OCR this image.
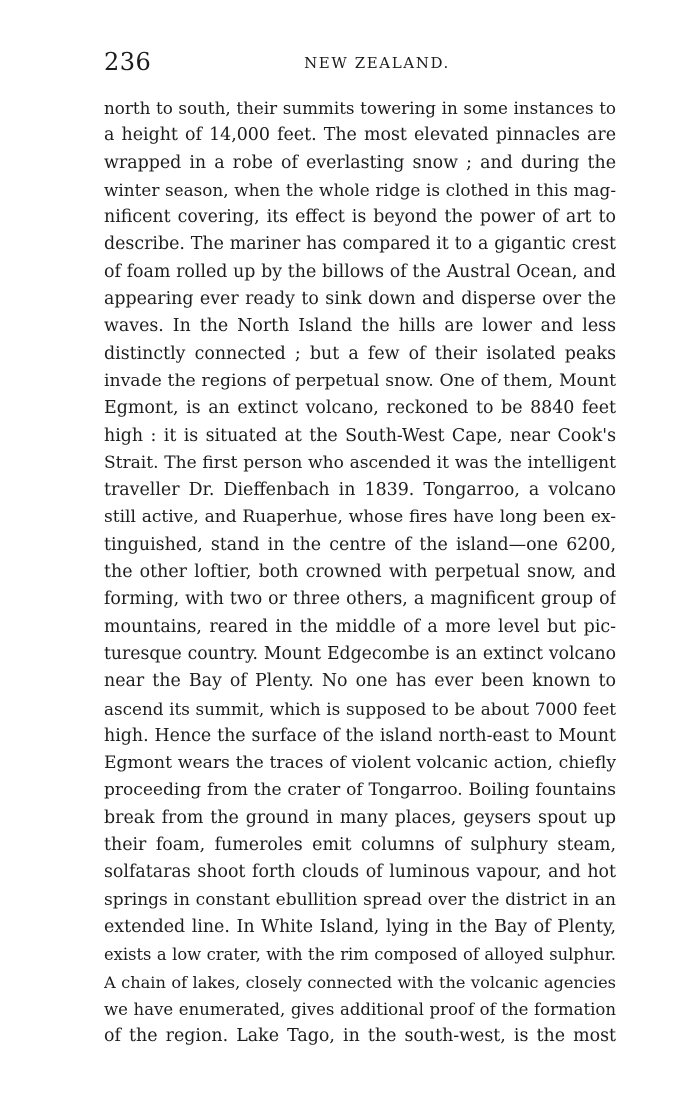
236	NEW ZEALAND.
north to south, their summits towering in some instances to
a height of 14,000 feet. The most elevated pinnacles are
wrapped in a robe of everlasting snow ; and during the
winter season, when the whole ridge is clothed in this mag-
nificent covering, its effect is beyond the power of art to
describe. The mariner has compared it to a gigantic crest
of foam rolled up by the billows of the Austral Ocean, and
appearing ever ready to sink down and disperse over the
waves. In the North Island the hills are lower and less
distinctly connected ; but a few of their isolated peaks
invade the regions of perpetual snow. One of them, Mount
Egmont, is an extinct volcano, reckoned to be 8840 feet
high : it is situated at the South-West Cape, near Cook's
Strait. The first person who ascended it was the intelligent
traveller Dr. Dieffenbach in 1839. Tongarroo, a volcano
still active, and Ruaperhue, whose fires have long been ex-
tinguished, stand in the centre of the island—one 6200,
the other loftier, both crowned with perpetual snow, and
forming, with two or three others, a magnificent group of
mountains, reared in the middle of a more level but pic-
turesque country. Mount Edgecombe is an extinct volcano
near the Bay of Plenty. No one has ever been known to
ascend its summit, which is supposed to be about 7000 feet
high. Hence the surface of the island north-east to Mount
Egmont wears the traces of violent volcanic action, chiefly
proceeding from the crater of Tongarroo. Boiling fountains
break from the ground in many places, geysers spout up
their foam, fumeroles emit columns of sulphury steam,
solfataras shoot forth clouds of luminous vapour, and hot
springs in constant ebullition spread over the district in an
extended line. In White Island, lying in the Bay of Plenty,
exists a low crater, with the rim composed of alloyed sulphur.
A chain of lakes, closely connected with the volcanic agencies
we have enumerated, gives additional proof of the formation
of the region. Lake Tago, in the south-west, is the most
